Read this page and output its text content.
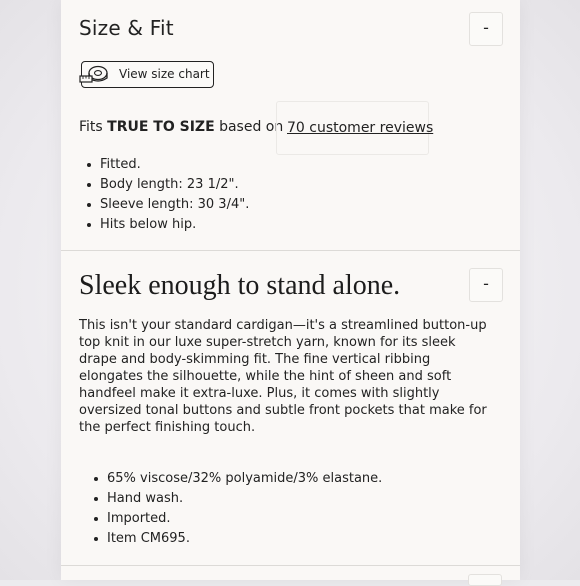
Size & Fit	-
View size chart
Fits TRUE TO SIZE based on 70 customer reviews
Fitted.
Body length: 23 1/2".
Sleeve length: 30 3/4".
Hits below hip.
Sleek enough to stand alone.	-
This isn't your standard cardigan—it's a streamlined button-up top knit in our luxe super-stretch yarn, known for its sleek drape and body-skimming fit. The fine vertical ribbing elongates the silhouette, while the hint of sheen and soft handfeel make it extra-luxe. Plus, it comes with slightly oversized tonal buttons and subtle front pockets that make for the perfect finishing touch.
65% viscose/32% polyamide/3% elastane.
Hand wash.
Imported.
Item CM695.
